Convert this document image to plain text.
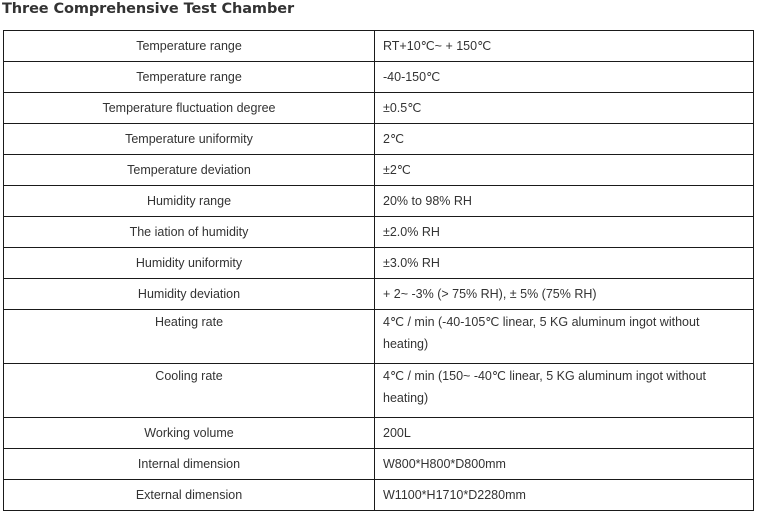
Three Comprehensive Test Chamber
Temperature range	RT+10℃~ + 150℃
Temperature range	-40-150℃
Temperature fluctuation degree	±0.5℃
Temperature uniformity	2℃
Temperature deviation	±2℃
Humidity range	20% to 98% RH
The iation of humidity	±2.0% RH
Humidity uniformity	±3.0% RH
Humidity deviation	+ 2~ -3% (> 75% RH), ± 5% (75% RH)
Heating rate	4℃ / min (-40-105℃ linear, 5 KG aluminum ingot without heating)
Cooling rate	4℃ / min (150~ -40℃ linear, 5 KG aluminum ingot without heating)
Working volume	200L
Internal dimension	W800*H800*D800mm
External dimension	W1100*H1710*D2280mm
